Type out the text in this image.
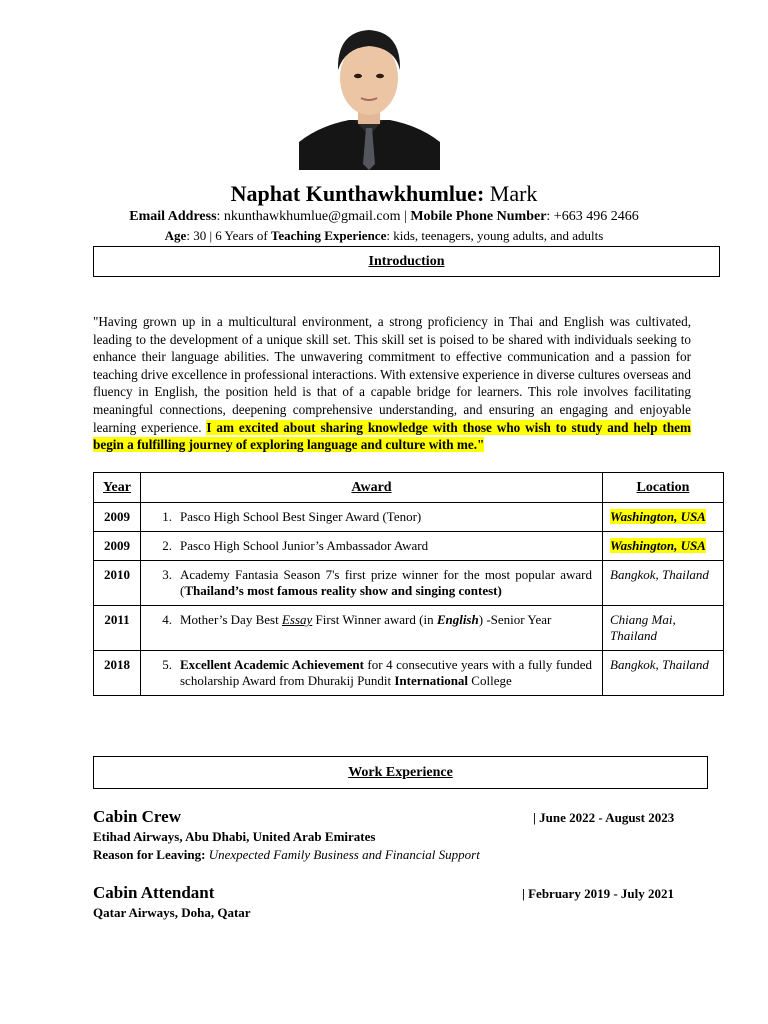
Naphat Kunthawkhumlue: Mark
Email Address: nkunthawkhumlue@gmail.com | Mobile Phone Number: +663 496 2466
Age: 30 | 6 Years of Teaching Experience: kids, teenagers, young adults, and adults
Introduction
"Having grown up in a multicultural environment, a strong proficiency in Thai and English was cultivated, leading to the development of a unique skill set. This skill set is poised to be shared with individuals seeking to enhance their language abilities. The unwavering commitment to effective communication and a passion for teaching drive excellence in professional interactions. With extensive experience in diverse cultures overseas and fluency in English, the position held is that of a capable bridge for learners. This role involves facilitating meaningful connections, deepening comprehensive understanding, and ensuring an engaging and enjoyable learning experience. I am excited about sharing knowledge with those who wish to study and help them begin a fulfilling journey of exploring language and culture with me."
Year	Award	Location
2009	1. Pasco High School Best Singer Award (Tenor)	Washington, USA
2009	2. Pasco High School Junior’s Ambassador Award	Washington, USA
2010	3. Academy Fantasia Season 7's first prize winner for the most popular award (Thailand’s most famous reality show and singing contest)	Bangkok, Thailand
2011	4. Mother’s Day Best Essay First Winner award (in English) -Senior Year	Chiang Mai, Thailand
2018	5. Excellent Academic Achievement for 4 consecutive years with a fully funded scholarship Award from Dhurakij Pundit International College	Bangkok, Thailand
Work Experience
Cabin Crew	| June 2022 - August 2023
Etihad Airways, Abu Dhabi, United Arab Emirates
Reason for Leaving: Unexpected Family Business and Financial Support
Cabin Attendant	| February 2019 - July 2021
Qatar Airways, Doha, Qatar
